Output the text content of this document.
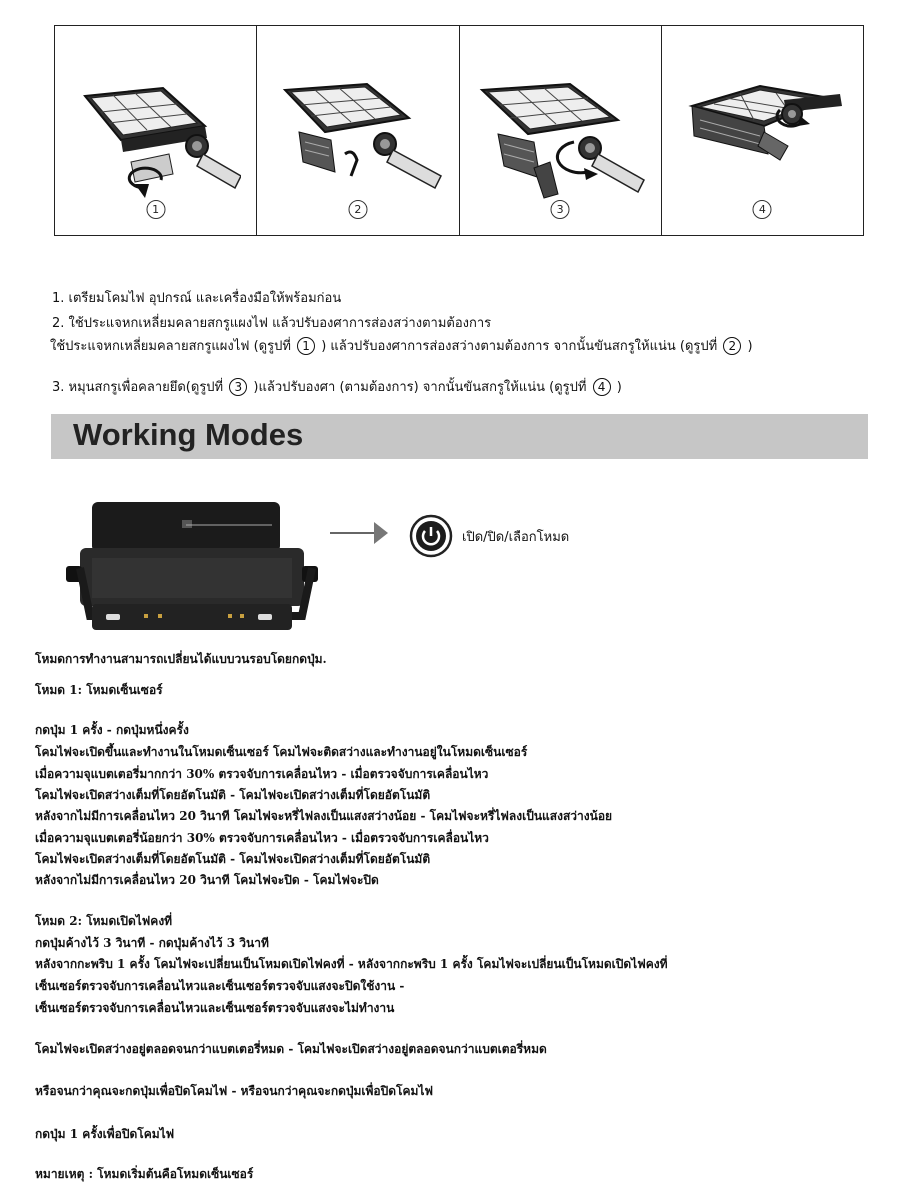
1	2	3	4
1. เตรียมโคมไฟ อุปกรณ์ และเครื่องมือให้พร้อมก่อน
2. ใช้ประแจหกเหลี่ยมคลายสกรูแผงไฟ แล้วปรับองศาการส่องสว่างตามต้องการ
ใช้ประแจหกเหลี่ยมคลายสกรูแผงไฟ (ดูรูปที่ 1 ) แล้วปรับองศาการส่องสว่างตามต้องการ จากนั้นขันสกรูให้แน่น (ดูรูปที่ 2 )
3. หมุนสกรูเพื่อคลายยึด(ดูรูปที่ 3 )แล้วปรับองศา (ตามต้องการ) จากนั้นขันสกรูให้แน่น (ดูรูปที่ 4 )
Working Modes
เปิด/ปิด/เลือกโหมด
โหมดการทำงานสามารถเปลี่ยนได้แบบวนรอบโดยกดปุ่ม.
โหมด 1: โหมดเซ็นเซอร์
กดปุ่ม 1 ครั้ง - กดปุ่มหนึ่งครั้ง
โคมไฟจะเปิดขึ้นและทำงานในโหมดเซ็นเซอร์ โคมไฟจะติดสว่างและทำงานอยู่ในโหมดเซ็นเซอร์
เมื่อความจุแบตเตอรี่มากกว่า 30% ตรวจจับการเคลื่อนไหว - เมื่อตรวจจับการเคลื่อนไหว
โคมไฟจะเปิดสว่างเต็มที่โดยอัตโนมัติ - โคมไฟจะเปิดสว่างเต็มที่โดยอัตโนมัติ
หลังจากไม่มีการเคลื่อนไหว 20 วินาที โคมไฟจะหรี่ไฟลงเป็นแสงสว่างน้อย - โคมไฟจะหรี่ไฟลงเป็นแสงสว่างน้อย
เมื่อความจุแบตเตอรี่น้อยกว่า 30% ตรวจจับการเคลื่อนไหว - เมื่อตรวจจับการเคลื่อนไหว
โคมไฟจะเปิดสว่างเต็มที่โดยอัตโนมัติ - โคมไฟจะเปิดสว่างเต็มที่โดยอัตโนมัติ
หลังจากไม่มีการเคลื่อนไหว 20 วินาที โคมไฟจะปิด - โคมไฟจะปิด
โหมด 2: โหมดเปิดไฟคงที่
กดปุ่มค้างไว้ 3 วินาที - กดปุ่มค้างไว้ 3 วินาที
หลังจากกะพริบ 1 ครั้ง โคมไฟจะเปลี่ยนเป็นโหมดเปิดไฟคงที่ - หลังจากกะพริบ 1 ครั้ง โคมไฟจะเปลี่ยนเป็นโหมดเปิดไฟคงที่
เซ็นเซอร์ตรวจจับการเคลื่อนไหวและเซ็นเซอร์ตรวจจับแสงจะปิดใช้งาน -
เซ็นเซอร์ตรวจจับการเคลื่อนไหวและเซ็นเซอร์ตรวจจับแสงจะไม่ทำงาน
โคมไฟจะเปิดสว่างอยู่ตลอดจนกว่าแบตเตอรี่หมด - โคมไฟจะเปิดสว่างอยู่ตลอดจนกว่าแบตเตอรี่หมด
หรือจนกว่าคุณจะกดปุ่มเพื่อปิดโคมไฟ - หรือจนกว่าคุณจะกดปุ่มเพื่อปิดโคมไฟ
กดปุ่ม 1 ครั้งเพื่อปิดโคมไฟ
หมายเหตุ : โหมดเริ่มต้นคือโหมดเซ็นเซอร์
